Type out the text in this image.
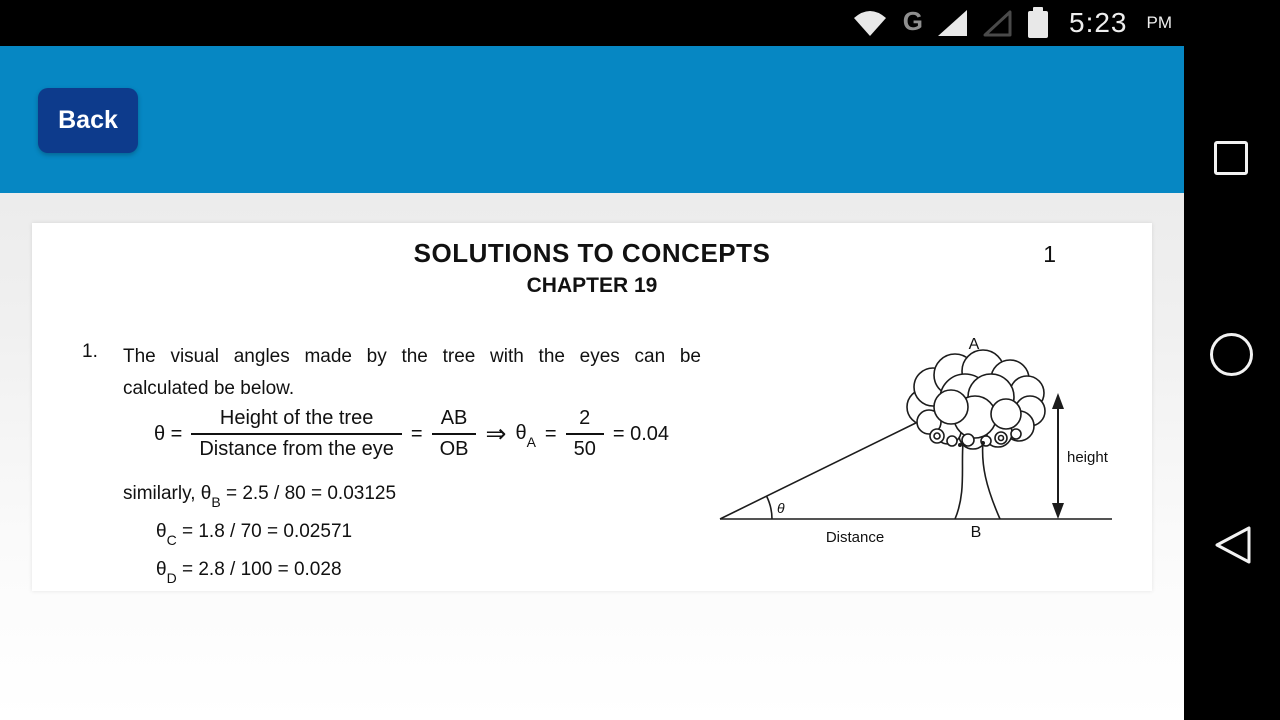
G	5:23 PM
Back
SOLUTIONS TO CONCEPTS	1
CHAPTER 19
1. The visual angles made by the tree with the eyes can be
calculated be below.
$\theta = \frac{\text{Height of the tree}}{\text{Distance from the eye}} = \frac{AB}{OB}$ ⇒ $\theta_A = \frac{2}{50} = 0.04$
similarly, $\theta_B = 2.5 / 80 = 0.03125$
$\theta_C = 1.8 / 70 = 0.02571$
$\theta_D = 2.8 / 100 = 0.028$
A
θ
Distance	B
height
